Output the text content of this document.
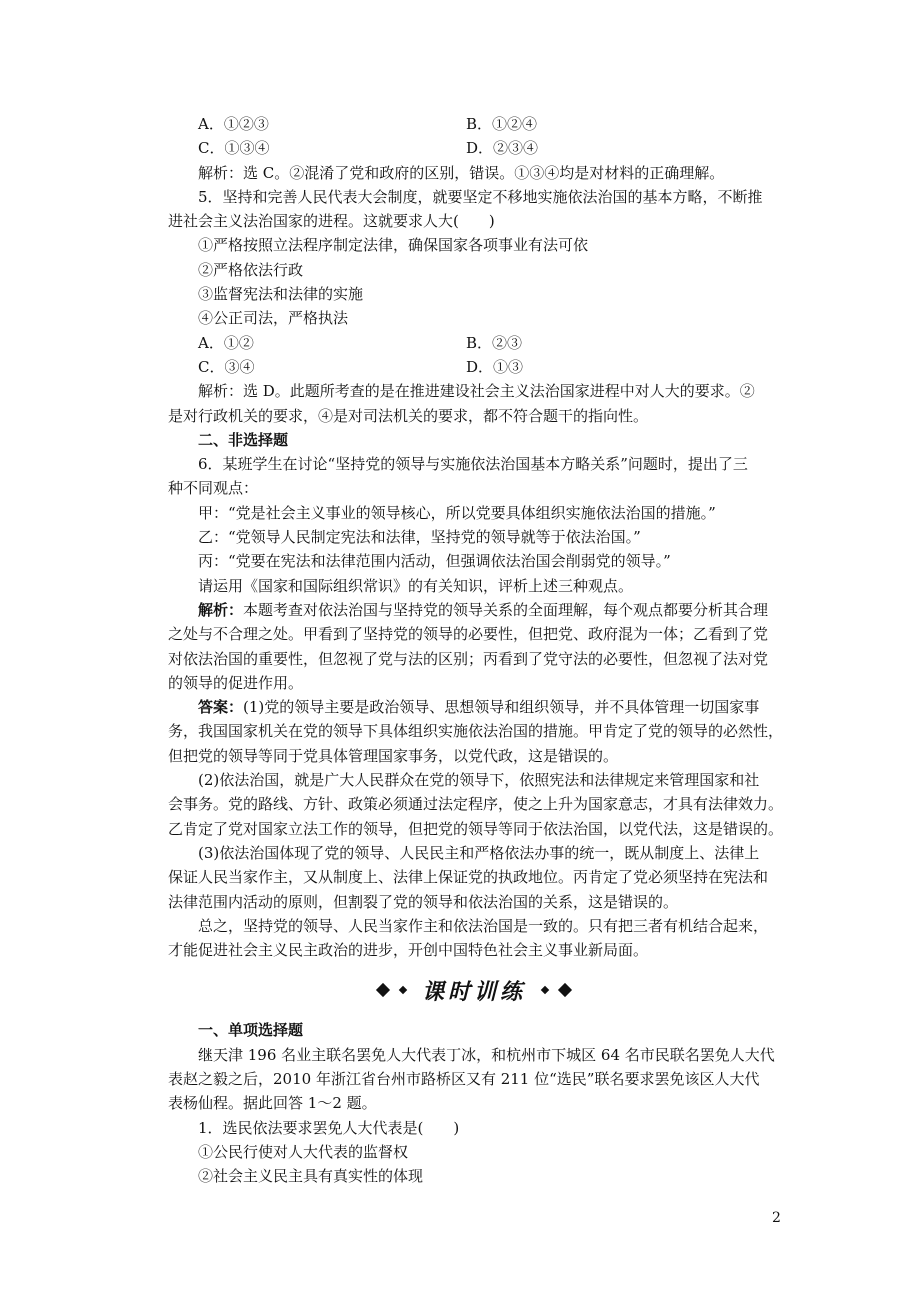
A．①②③	B．①②④
C．①③④	D．②③④
解析：选 C。②混淆了党和政府的区别，错误。①③④均是对材料的正确理解。
5．坚持和完善人民代表大会制度，就要坚定不移地实施依法治国的基本方略，不断推
进社会主义法治国家的进程。这就要求人大(　　)
①严格按照立法程序制定法律，确保国家各项事业有法可依
②严格依法行政
③监督宪法和法律的实施
④公正司法，严格执法
A．①②	B．②③
C．③④	D．①③
解析：选 D。此题所考查的是在推进建设社会主义法治国家进程中对人大的要求。②
是对行政机关的要求，④是对司法机关的要求，都不符合题干的指向性。
二、非选择题
6．某班学生在讨论“坚持党的领导与实施依法治国基本方略关系”问题时，提出了三
种不同观点：
甲：“党是社会主义事业的领导核心，所以党要具体组织实施依法治国的措施。”
乙：“党领导人民制定宪法和法律，坚持党的领导就等于依法治国。”
丙：“党要在宪法和法律范围内活动，但强调依法治国会削弱党的领导。”
请运用《国家和国际组织常识》的有关知识，评析上述三种观点。
解析：本题考查对依法治国与坚持党的领导关系的全面理解，每个观点都要分析其合理
之处与不合理之处。甲看到了坚持党的领导的必要性，但把党、政府混为一体；乙看到了党
对依法治国的重要性，但忽视了党与法的区别；丙看到了党守法的必要性，但忽视了法对党
的领导的促进作用。
答案：(1)党的领导主要是政治领导、思想领导和组织领导，并不具体管理一切国家事
务，我国国家机关在党的领导下具体组织实施依法治国的措施。甲肯定了党的领导的必然性，
但把党的领导等同于党具体管理国家事务，以党代政，这是错误的。
(2)依法治国，就是广大人民群众在党的领导下，依照宪法和法律规定来管理国家和社
会事务。党的路线、方针、政策必须通过法定程序，使之上升为国家意志，才具有法律效力。
乙肯定了党对国家立法工作的领导，但把党的领导等同于依法治国，以党代法，这是错误的。
(3)依法治国体现了党的领导、人民民主和严格依法办事的统一，既从制度上、法律上
保证人民当家作主，又从制度上、法律上保证党的执政地位。丙肯定了党必须坚持在宪法和
法律范围内活动的原则，但割裂了党的领导和依法治国的关系，这是错误的。
总之，坚持党的领导、人民当家作主和依法治国是一致的。只有把三者有机结合起来，
才能促进社会主义民主政治的进步，开创中国特色社会主义事业新局面。
课时训练
一、单项选择题
继天津 196 名业主联名罢免人大代表丁冰，和杭州市下城区 64 名市民联名罢免人大代
表赵之毅之后，2010 年浙江省台州市路桥区又有 211 位“选民”联名要求罢免该区人大代
表杨仙程。据此回答 1～2 题。
1．选民依法要求罢免人大代表是(　　)
①公民行使对人大代表的监督权
②社会主义民主具有真实性的体现
2
